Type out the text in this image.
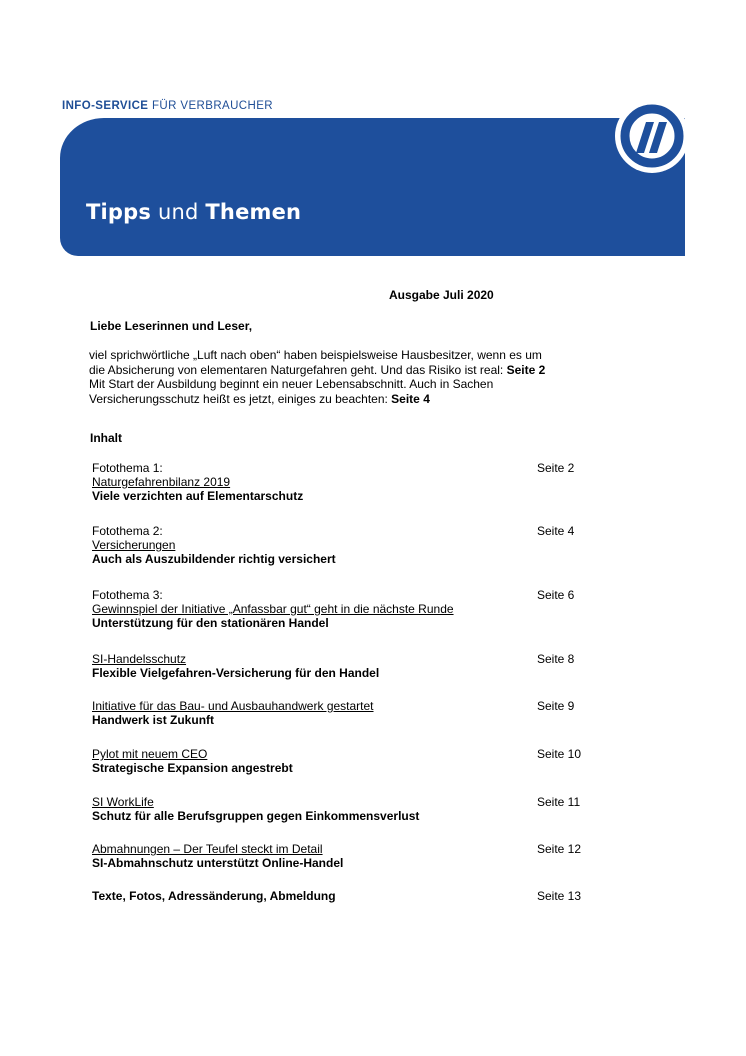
INFO-SERVICE FÜR VERBRAUCHER
Tipps und Themen
Ausgabe Juli 2020
Liebe Leserinnen und Leser,
viel sprichwörtliche „Luft nach oben“ haben beispielsweise Hausbesitzer, wenn es um
die Absicherung von elementaren Naturgefahren geht. Und das Risiko ist real: Seite 2
Mit Start der Ausbildung beginnt ein neuer Lebensabschnitt. Auch in Sachen
Versicherungsschutz heißt es jetzt, einiges zu beachten: Seite 4
Inhalt
Fotothema 1:
Naturgefahrenbilanz 2019
Viele verzichten auf Elementarschutz
Seite 2
Fotothema 2:
Versicherungen
Auch als Auszubildender richtig versichert
Seite 4
Fotothema 3:
Gewinnspiel der Initiative „Anfassbar gut“ geht in die nächste Runde
Unterstützung für den stationären Handel
Seite 6
SI-Handelsschutz
Flexible Vielgefahren-Versicherung für den Handel
Seite 8
Initiative für das Bau- und Ausbauhandwerk gestartet
Handwerk ist Zukunft
Seite 9
Pylot mit neuem CEO
Strategische Expansion angestrebt
Seite 10
SI WorkLife
Schutz für alle Berufsgruppen gegen Einkommensverlust
Seite 11
Abmahnungen – Der Teufel steckt im Detail
SI-Abmahnschutz unterstützt Online-Handel
Seite 12
Texte, Fotos, Adressänderung, Abmeldung	Seite 13
